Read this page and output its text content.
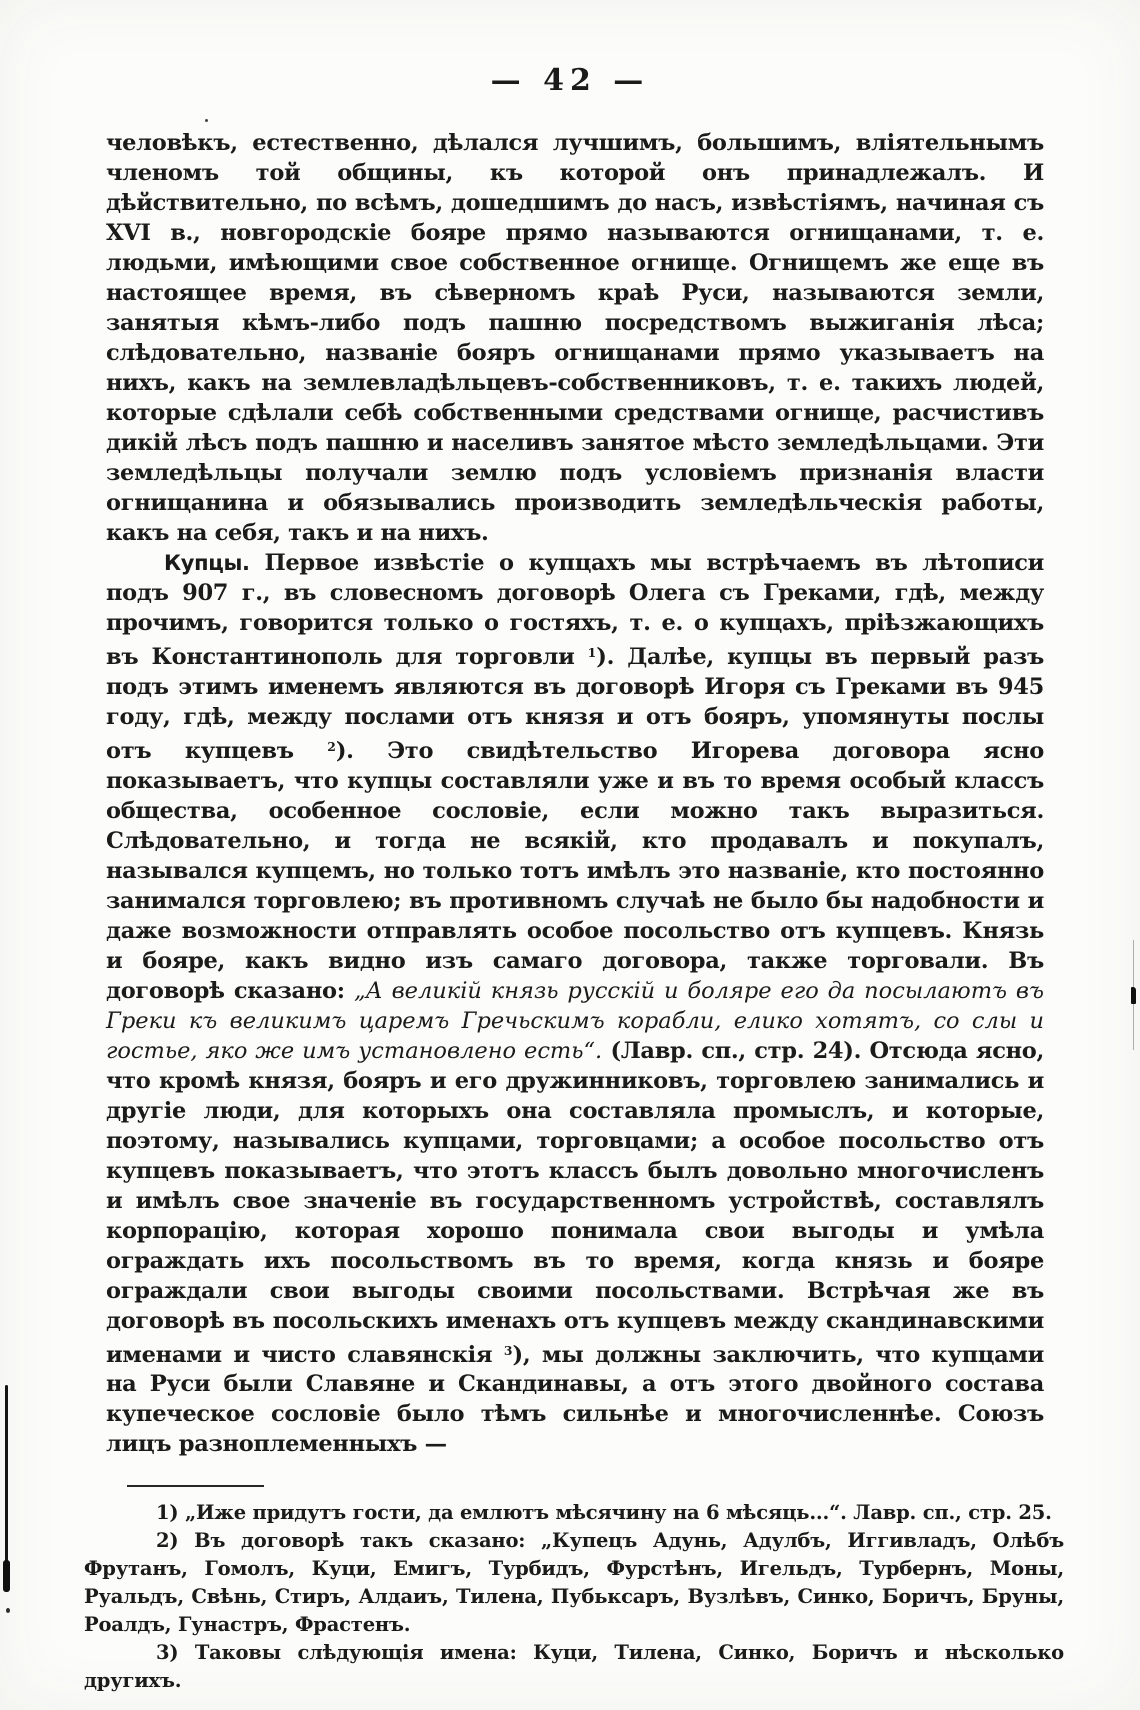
— 42 —

человѣкъ, естественно, дѣлался лучшимъ, большимъ, вліятельнымъ членомъ той общины, къ которой онъ принадлежалъ. И дѣйствительно, по всѣмъ, дошедшимъ до насъ, извѣстіямъ, начиная съ XVI в., новгородскіе бояре прямо называются огнищанами, т. е. людьми, имѣющими свое собственное огнище. Огнищемъ же еще въ настоящее время, въ сѣверномъ краѣ Руси, называются земли, занятыя кѣмъ-либо подъ пашню посредствомъ выжиганія лѣса; слѣдовательно, названіе бояръ огнищанами прямо указываетъ на нихъ, какъ на землевладѣльцевъ-собственниковъ, т. е. такихъ людей, которые сдѣлали себѣ собственными средствами огнище, расчистивъ дикій лѣсъ подъ пашню и населивъ занятое мѣсто земледѣльцами. Эти земледѣльцы получали землю подъ условіемъ признанія власти огнищанина и обязывались производить земледѣльческія работы, какъ на себя, такъ и на нихъ.

Купцы. Первое извѣстіе о купцахъ мы встрѣчаемъ въ лѣтописи подъ 907 г., въ словесномъ договорѣ Олега съ Греками, гдѣ, между прочимъ, говорится только о гостяхъ, т. е. о купцахъ, пріѣзжающихъ въ Константинополь для торговли $^1$). Далѣе, купцы въ первый разъ подъ этимъ именемъ являются въ договорѣ Игоря съ Греками въ 945 году, гдѣ, между послами отъ князя и отъ бояръ, упомянуты послы отъ купцевъ $^2$). Это свидѣтельство Игорева договора ясно показываетъ, что купцы составляли уже и въ то время особый классъ общества, особенное сословіе, если можно такъ выразиться. Слѣдовательно, и тогда не всякій, кто продавалъ и покупалъ, назывался купцемъ, но только тотъ имѣлъ это названіе, кто постоянно занимался торговлею; въ противномъ случаѣ не было бы надобности и даже возможности отправлять особое посольство отъ купцевъ. Князь и бояре, какъ видно изъ самаго договора, также торговали. Въ договорѣ сказано: „А великій князь русскій и боляре его да посылаютъ въ Греки къ великимъ царемъ Гречьскимъ корабли, елико хотятъ, со слы и гостье, яко же имъ установлено есть“. (Лавр. сп., стр. 24). Отсюда ясно, что кромѣ князя, бояръ и его дружинниковъ, торговлею занимались и другіе люди, для которыхъ она составляла промыслъ, и которые, поэтому, назывались купцами, торговцами; а особое посольство отъ купцевъ показываетъ, что этотъ классъ былъ довольно многочисленъ и имѣлъ свое значеніе въ государственномъ устройствѣ, составлялъ корпорацію, которая хорошо понимала свои выгоды и умѣла ограждать ихъ посольствомъ въ то время, когда князь и бояре ограждали свои выгоды своими посольствами. Встрѣчая же въ договорѣ въ посольскихъ именахъ отъ купцевъ между скандинавскими именами и чисто славянскія $^3$), мы должны заключить, что купцами на Руси были Славяне и Скандинавы, а отъ этого двойного состава купеческое сословіе было тѣмъ сильнѣе и многочисленнѣе. Союзъ лицъ разноплеменныхъ —

1) „Иже придутъ гости, да емлютъ мѣсячину на 6 мѣсяць...“. Лавр. сп., стр. 25.

2) Въ договорѣ такъ сказано: „Купецъ Адунь, Адулбъ, Иггивладъ, Олѣбъ Фрутанъ, Гомолъ, Куци, Емигъ, Турбидъ, Фурстѣнъ, Игельдъ, Турбернъ, Моны, Руальдъ, Свѣнь, Стиръ, Алдаиъ, Тилена, Пубьксаръ, Вузлѣвъ, Синко, Боричъ, Бруны, Роалдъ, Гунастръ, Фрастенъ.

3) Таковы слѣдующія имена: Куци, Тилена, Синко, Боричъ и нѣсколько другихъ.
